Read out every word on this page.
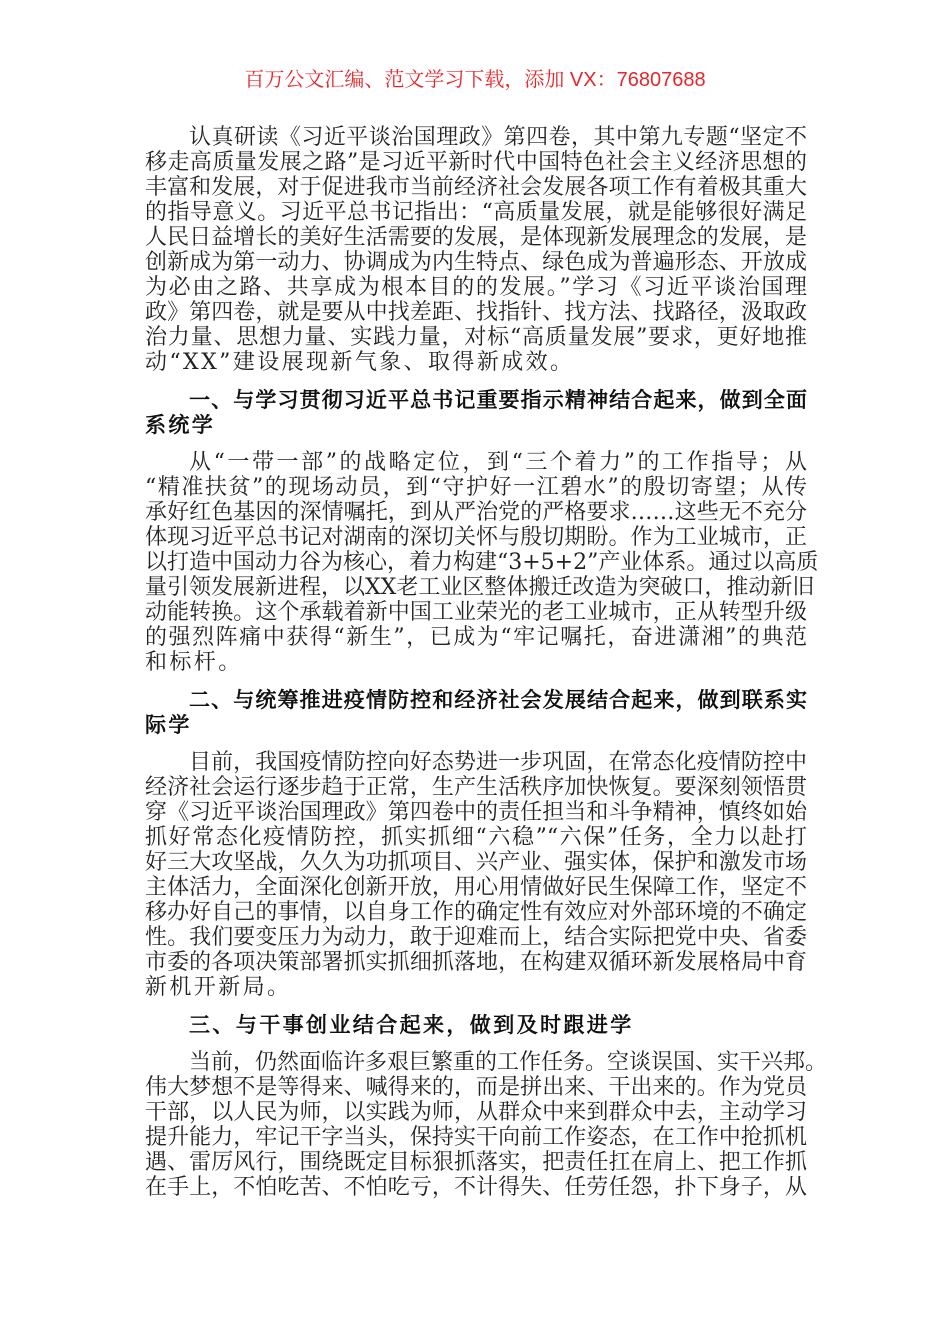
百万公文汇编、范文学习下载，添加 VX：76807688
认真研读《习近平谈治国理政》第四卷，其中第九专题“坚定不
移走高质量发展之路”是习近平新时代中国特色社会主义经济思想的
丰富和发展，对于促进我市当前经济社会发展各项工作有着极其重大
的指导意义。习近平总书记指出：“高质量发展，就是能够很好满足
人民日益增长的美好生活需要的发展，是体现新发展理念的发展，是
创新成为第一动力、协调成为内生特点、绿色成为普遍形态、开放成
为必由之路、共享成为根本目的的发展。”学习《习近平谈治国理
政》第四卷，就是要从中找差距、找指针、找方法、找路径，汲取政
治力量、思想力量、实践力量，对标“高质量发展”要求，更好地推
动“XX”建设展现新气象、取得新成效。
一、与学习贯彻习近平总书记重要指示精神结合起来，做到全面
系统学
从“一带一部”的战略定位，到“三个着力”的工作指导；从
“精准扶贫”的现场动员，到“守护好一江碧水”的殷切寄望；从传
承好红色基因的深情嘱托，到从严治党的严格要求……这些无不充分
体现习近平总书记对湖南的深切关怀与殷切期盼。作为工业城市，正
以打造中国动力谷为核心，着力构建“3+5+2”产业体系。通过以高质
量引领发展新进程，以XX老工业区整体搬迁改造为突破口，推动新旧
动能转换。这个承载着新中国工业荣光的老工业城市，正从转型升级
的强烈阵痛中获得“新生”，已成为“牢记嘱托，奋进潇湘”的典范
和标杆。
二、与统筹推进疫情防控和经济社会发展结合起来，做到联系实
际学
目前，我国疫情防控向好态势进一步巩固，在常态化疫情防控中
经济社会运行逐步趋于正常，生产生活秩序加快恢复。要深刻领悟贯
穿《习近平谈治国理政》第四卷中的责任担当和斗争精神，慎终如始
抓好常态化疫情防控，抓实抓细“六稳”“六保”任务，全力以赴打
好三大攻坚战，久久为功抓项目、兴产业、强实体，保护和激发市场
主体活力，全面深化创新开放，用心用情做好民生保障工作，坚定不
移办好自己的事情，以自身工作的确定性有效应对外部环境的不确定
性。我们要变压力为动力，敢于迎难而上，结合实际把党中央、省委
市委的各项决策部署抓实抓细抓落地，在构建双循环新发展格局中育
新机开新局。
三、与干事创业结合起来，做到及时跟进学
当前，仍然面临许多艰巨繁重的工作任务。空谈误国、实干兴邦。
伟大梦想不是等得来、喊得来的，而是拼出来、干出来的。作为党员
干部，以人民为师，以实践为师，从群众中来到群众中去，主动学习
提升能力，牢记干字当头，保持实干向前工作姿态，在工作中抢抓机
遇、雷厉风行，围绕既定目标狠抓落实，把责任扛在肩上、把工作抓
在手上，不怕吃苦、不怕吃亏，不计得失、任劳任怨，扑下身子，从
